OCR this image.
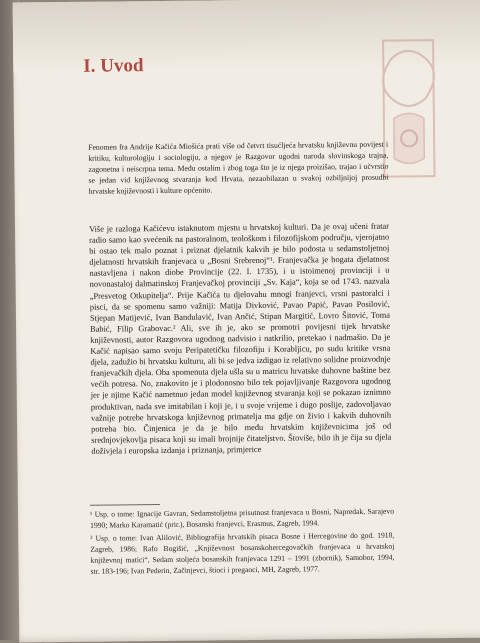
I. Uvod

Fenomen fra Andrije Kačića Miošića prati više od četvrt tisućljeća hrvatsku književnu povijest i kritiku, kulturologiju i sociologiju, a njegov je Razgovor ugodni naroda slovinskoga trajna, zagonetna i neiscrpna tema. Među ostalim i zbog toga što je iz njega proizišao, trajao i učvrstio se jedan vid književnog stvaranja kod Hrvata, nezaobilazan u svakoj ozbiljnijoj prosudbi hrvatske književnosti i kulture općenito.

Više je razloga Kačićevu istaknutom mjestu u hrvatskoj kulturi. Da je ovaj učeni fratar radio samo kao svećenik na pastoralnom, teološkom i filozofijskom području, vjerojatno bi ostao tek malo poznat i priznat djelatnik kakvih je bilo podosta u sedamstoljetnoj djelatnosti hrvatskih franjevaca u „Bosni Srebrenoj“¹. Franjevačka je bogata djelatnost nastavljena i nakon diobe Provincije (22. I. 1735), i u istoimenoj provinciji i u novonastaloj dalmatinskoj Franjevačkoj provinciji „Sv. Kaja“, koja se od 1743. nazvala „Presvetog Otkupitelja“. Prije Kačića tu djelovahu mnogi franjevci, vrsni pastoralci i pisci, da se spomenu samo važniji: Matija Divković, Pavao Papić, Pavao Posilović, Stjepan Matijević, Ivan Bandulavić, Ivan Ančić, Stipan Margitić, Lovro Šitović, Toma Babić, Filip Grabovac.² Ali, sve ih je, ako se promotri povijesni tijek hrvatske književnosti, autor Razgovora ugodnog nadvisio i natkrilio, pretekao i nadmašio. Da je Kačić napisao samo svoju Peripatetičku filozofiju i Korabljicu, po sudu kritike vrsna djela, zadužio bi hrvatsku kulturu, ali bi se jedva izdigao iz relativno solidne proizvodnje franjevačkih djela. Oba spomenuta djela ušla su u matricu hrvatske duhovne baštine bez većih potresa. No, znakovito je i plodonosno bilo tek pojavljivanje Razgovora ugodnog jer je njime Kačić nametnuo jedan model književnog stvaranja koji se pokazao iznimno produktivan, nada sve imitabilan i koji je, i u svoje vrijeme i dugo poslije, zadovoljavao važnije potrebe hrvatskoga književnog primatelja ma gdje on živio i kakvih duhovnih potreba bio. Činjenica je da je bilo među hrvatskim književnicima još od srednjovjekovlja pisaca koji su imali brojnije čitateljstvo. Štoviše, bilo ih je čija su djela doživjela i europska izdanja i priznanja, primjerice

¹ Usp. o tome: Ignacije Gavran, Sedamstoljetna prisutnost franjevaca u Bosni, Napredak, Sarajevo 1990; Marko Karamatić (prir.), Bosanski franjevci, Erasmus, Zagreb, 1994.

² Usp. o tome: Ivan Alilović, Bibliografija hrvatskih pisaca Bosne i Hercegovine do god. 1918, Zagreb, 1986; Rafo Bogišić, „Književnost bosanskohercegovačkih franjevaca u hrvatskoj književnoj matici“, Sedam stoljeća bosanskih franjevaca 1291 – 1991 (zbornik), Samobor, 1994, str. 183-196; Ivan Pederin, Začinjevci, štioci i pregaoci, MH, Zagreb, 1977.
